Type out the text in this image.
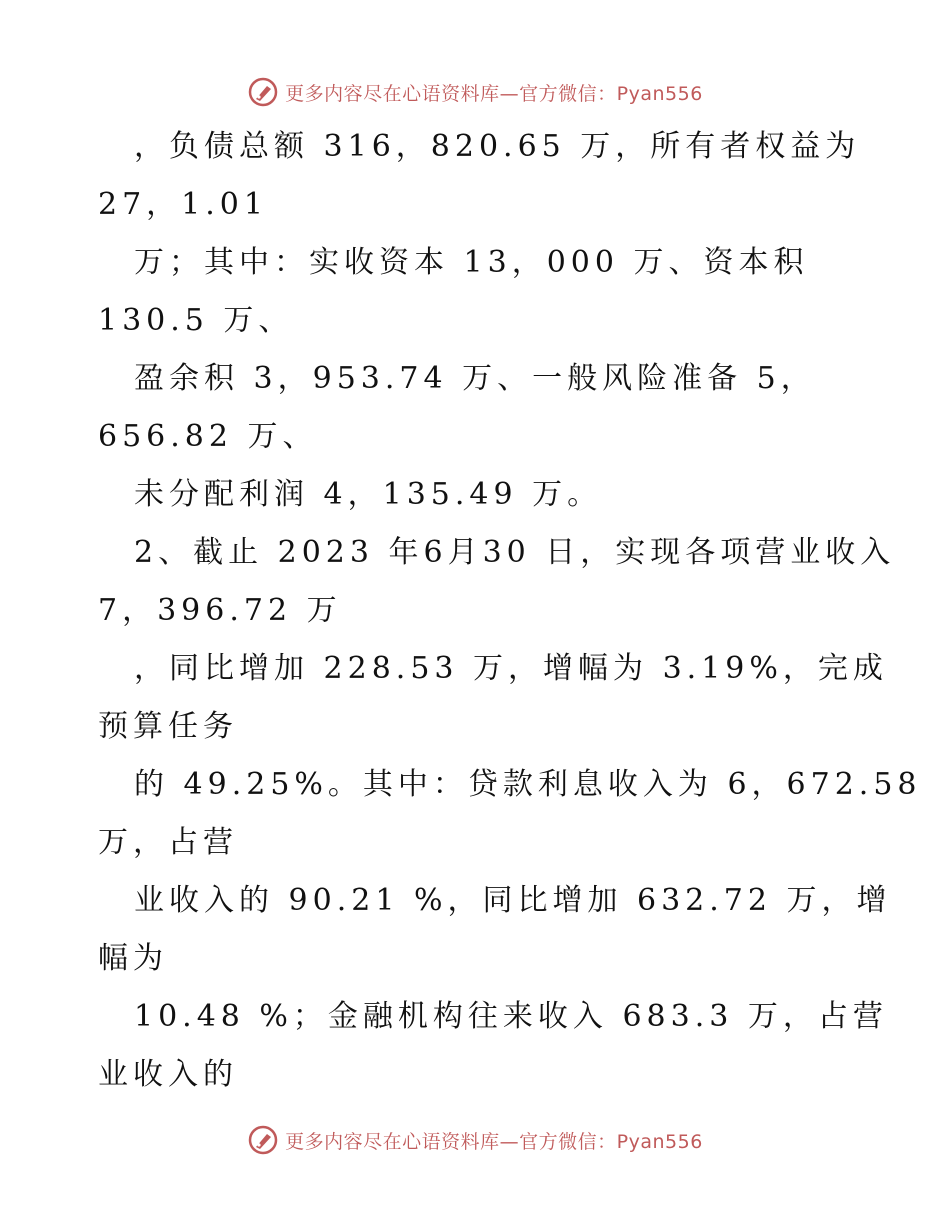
更多内容尽在心语资料库—官方微信：Pyan556
，负债总额 316，820.65 万，所有者权益为
27，1.01
万；其中：实收资本 13，000 万、资本积
130.5 万、
盈余积 3，953.74 万、一般风险准备 5，
656.82 万、
未分配利润 4，135.49 万。
2、截止 2023 年6月30 日，实现各项营业收入
7，396.72 万
，同比增加 228.53 万，增幅为 3.19%，完成
预算任务
的 49.25%。其中：贷款利息收入为 6，672.58
万，占营
业收入的 90.21 %，同比增加 632.72 万，增
幅为
10.48 %；金融机构往来收入 683.3 万，占营
业收入的
更多内容尽在心语资料库—官方微信：Pyan556
